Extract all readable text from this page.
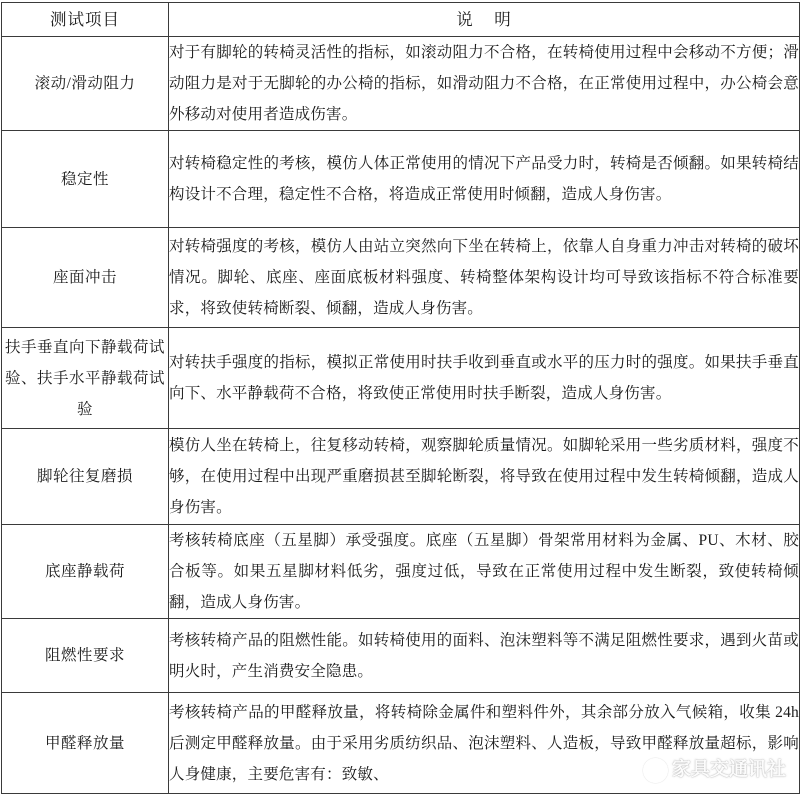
测试项目	说    明

滚动/滑动阻力	对于有脚轮的转椅灵活性的指标，如滚动阻力不合格，在转椅使用过程中会移动不方便；滑动阻力是对于无脚轮的办公椅的指标，如滑动阻力不合格，在正常使用过程中，办公椅会意外移动对使用者造成伤害。

稳定性	对转椅稳定性的考核，模仿人体正常使用的情况下产品受力时，转椅是否倾翻。如果转椅结构设计不合理，稳定性不合格，将造成正常使用时倾翻，造成人身伤害。

座面冲击	对转椅强度的考核，模仿人由站立突然向下坐在转椅上，依靠人自身重力冲击对转椅的破坏情况。脚轮、底座、座面底板材料强度、转椅整体架构设计均可导致该指标不符合标准要求，将致使转椅断裂、倾翻，造成人身伤害。

扶手垂直向下静载荷试验、扶手水平静载荷试验	对转扶手强度的指标，模拟正常使用时扶手收到垂直或水平的压力时的强度。如果扶手垂直向下、水平静载荷不合格，将致使正常使用时扶手断裂，造成人身伤害。

脚轮往复磨损	模仿人坐在转椅上，往复移动转椅，观察脚轮质量情况。如脚轮采用一些劣质材料，强度不够，在使用过程中出现严重磨损甚至脚轮断裂，将导致在使用过程中发生转椅倾翻，造成人身伤害。

底座静载荷	考核转椅底座（五星脚）承受强度。底座（五星脚）骨架常用材料为金属、PU、木材、胶合板等。如果五星脚材料低劣，强度过低，导致在正常使用过程中发生断裂，致使转椅倾翻，造成人身伤害。

阻燃性要求	考核转椅产品的阻燃性能。如转椅使用的面料、泡沫塑料等不满足阻燃性要求，遇到火苗或明火时，产生消费安全隐患。

甲醛释放量	考核转椅产品的甲醛释放量，将转椅除金属件和塑料件外，其余部分放入气候箱，收集 24h 后测定甲醛释放量。由于采用劣质纺织品、泡沫塑料、人造板，导致甲醛释放量超标，影响人身健康，主要危害有：致敏、	家具交通讯社
